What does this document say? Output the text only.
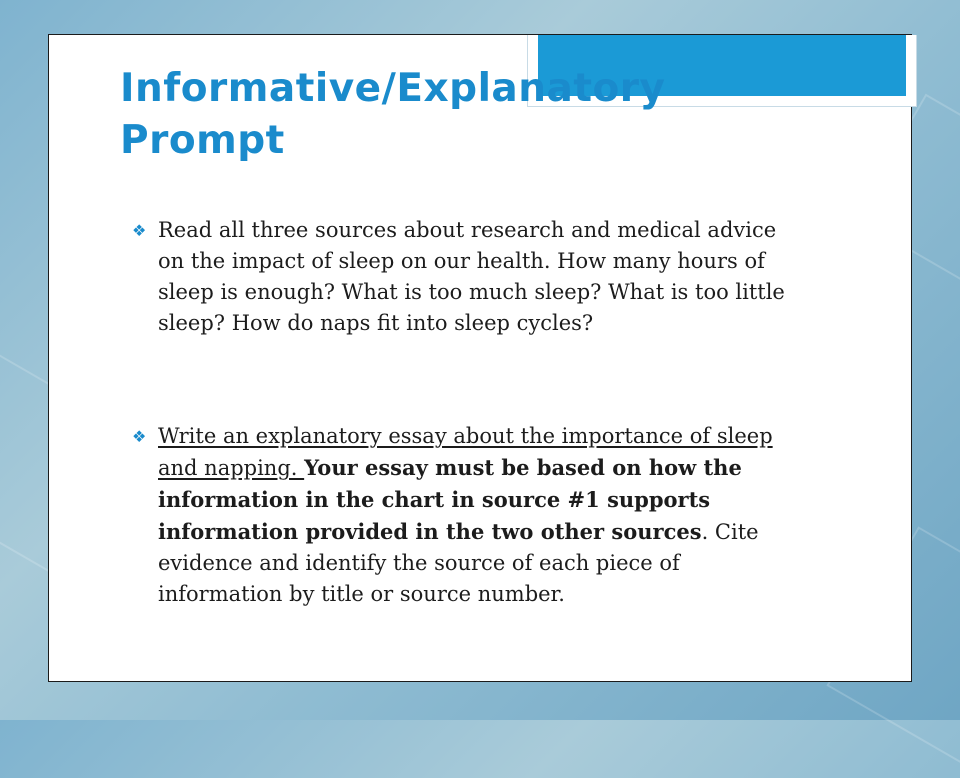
Informative/Explanatory Prompt
❖ Read all three sources about research and medical advice on the impact of sleep on our health. How many hours of sleep is enough? What is too much sleep? What is too little sleep? How do naps fit into sleep cycles?
❖ Write an explanatory essay about the importance of sleep and napping. Your essay must be based on how the information in the chart in source #1 supports information provided in the two other sources. Cite evidence and identify the source of each piece of information by title or source number.
